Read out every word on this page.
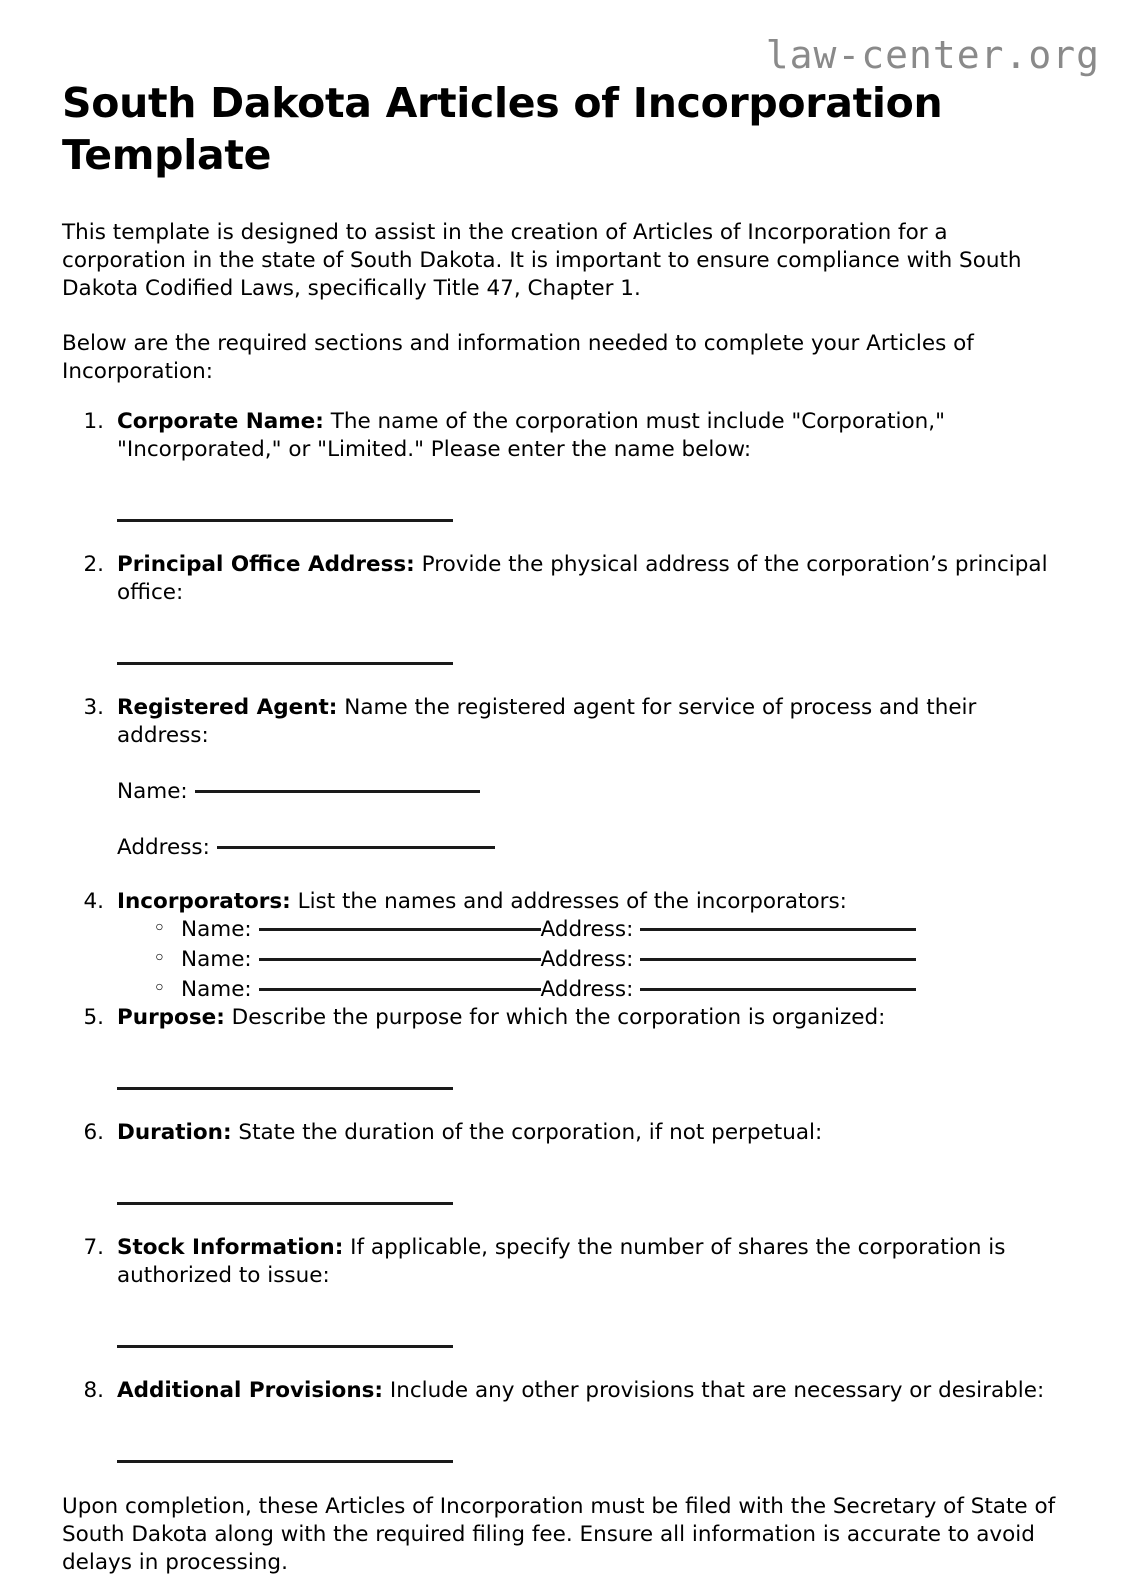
law-center.org
South Dakota Articles of Incorporation Template

This template is designed to assist in the creation of Articles of Incorporation for a corporation in the state of South Dakota. It is important to ensure compliance with South Dakota Codified Laws, specifically Title 47, Chapter 1.

Below are the required sections and information needed to complete your Articles of Incorporation:

Corporate Name: The name of the corporation must include "Corporation," "Incorporated," or "Limited." Please enter the name below:
Principal Office Address: Provide the physical address of the corporation’s principal office:
Registered Agent: Name the registered agent for service of process and their address:
Name:
Address:
Incorporators: List the names and addresses of the incorporators:
◦ Name:	Address:
◦ Name:	Address:
◦ Name:	Address:
Purpose: Describe the purpose for which the corporation is organized:
Duration: State the duration of the corporation, if not perpetual:
Stock Information: If applicable, specify the number of shares the corporation is authorized to issue:
Additional Provisions: Include any other provisions that are necessary or desirable:

Upon completion, these Articles of Incorporation must be filed with the Secretary of State of South Dakota along with the required filing fee. Ensure all information is accurate to avoid delays in processing.
